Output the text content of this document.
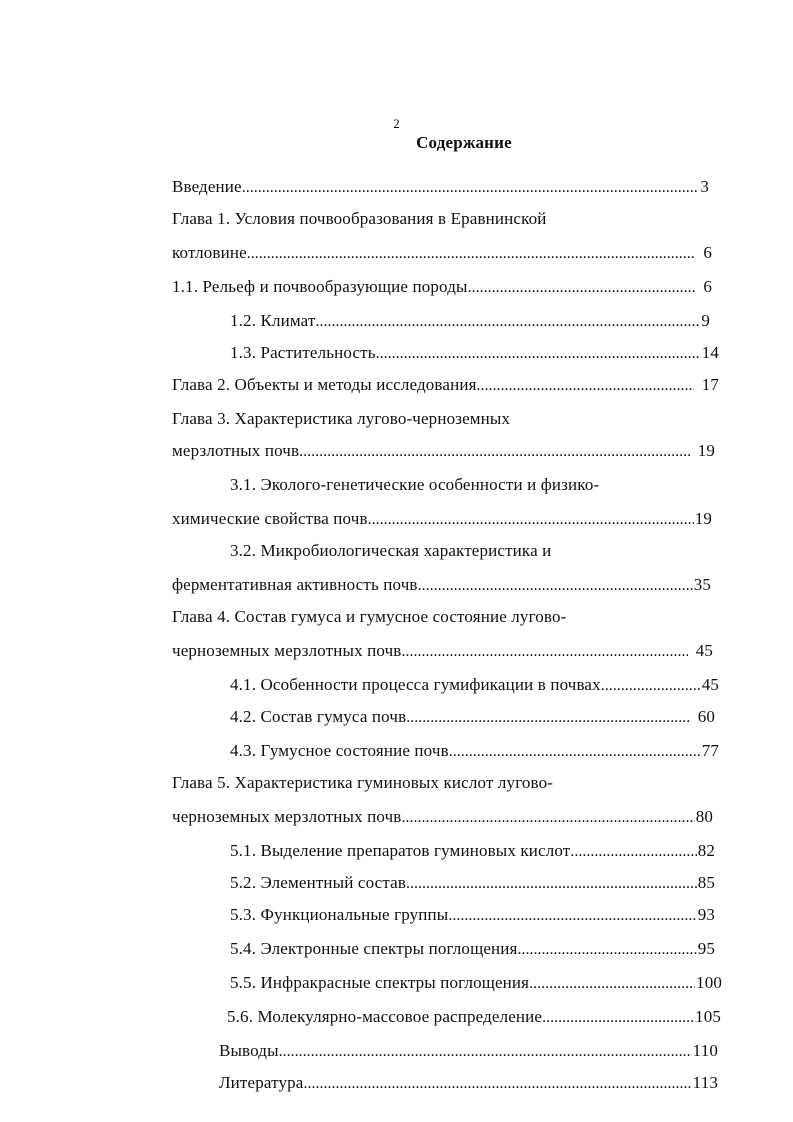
2
Содержание
Введение .....	3
Глава 1. Условия почвообразования в Еравнинской
котловине .....	6
1.1. Рельеф и почвообразующие породы .....	6
1.2. Климат .....	9
1.3. Растительность .....	14
Глава 2. Объекты и методы исследования .....	17
Глава 3. Характеристика лугово-черноземных
мерзлотных почв .....	19
3.1. Эколого-генетические особенности и физико-
химические свойства почв .....	19
3.2. Микробиологическая характеристика и
ферментативная активность почв .....	35
Глава 4. Состав гумуса и гумусное состояние лугово-
черноземных мерзлотных почв .....	45
4.1. Особенности процесса гумификации в почвах .....	45
4.2. Состав гумуса почв .....	60
4.3. Гумусное состояние почв .....	77
Глава 5. Характеристика гуминовых кислот лугово-
черноземных мерзлотных почв .....	80
5.1. Выделение препаратов гуминовых кислот .....	82
5.2. Элементный состав .....	85
5.3. Функциональные группы .....	93
5.4. Электронные спектры поглощения .....	95
5.5. Инфракрасные спектры поглощения .....	100
5.6. Молекулярно-массовое распределение .....	105
Выводы .....	110
Литература .....	113
